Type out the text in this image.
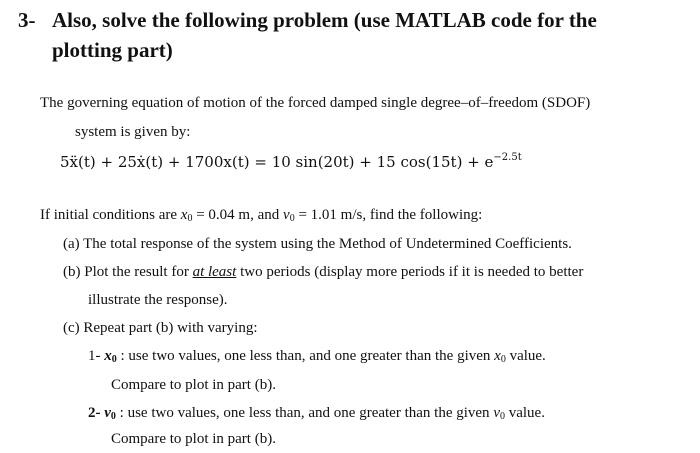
3- Also, solve the following problem (use MATLAB code for the
plotting part)
The governing equation of motion of the forced damped single degree–of–freedom (SDOF)
system is given by:
5ẍ(t) + 25ẋ(t) + 1700x(t) = 10 sin(20t) + 15 $\cos(15t) + e^{-2.5t}$
If initial conditions are $x_0 = 0.04$ m, and $v_0 = 1.01$ m/s, find the following:
(a) The total response of the system using the Method of Undetermined Coefficients.
(b) Plot the result for at least two periods (display more periods if it is needed to better
illustrate the response).
(c) Repeat part (b) with varying:
1- $x_0$ : use two values, one less than, and one greater than the given $x_0$ value.
Compare to plot in part (b).
2- $v_0$ : use two values, one less than, and one greater than the given $v_0$ value.
Compare to plot in part (b).
